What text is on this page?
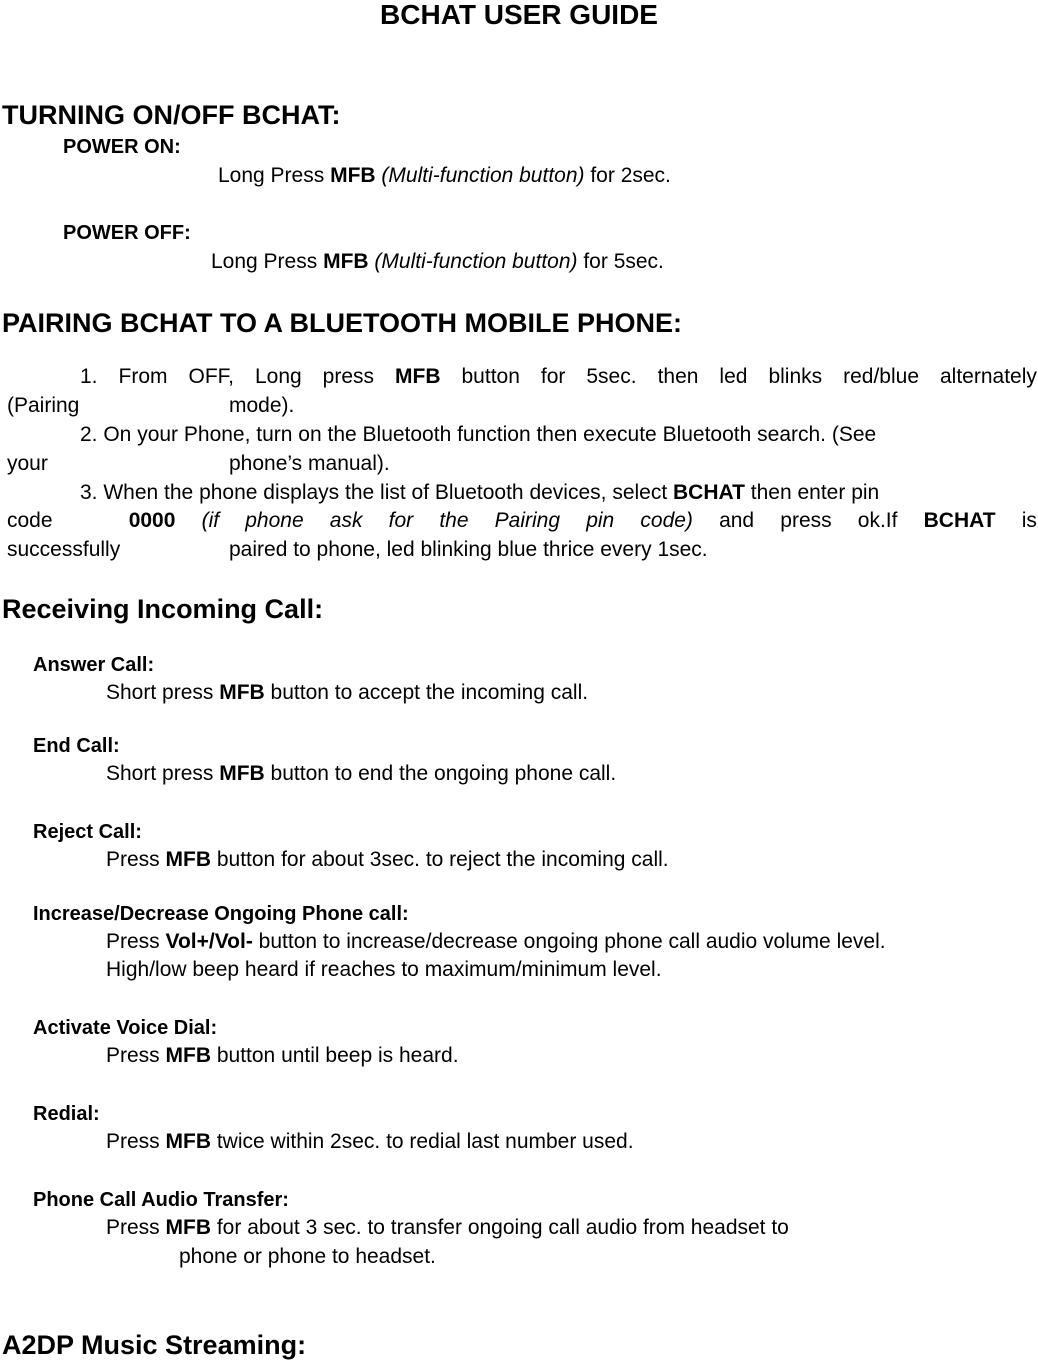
BCHAT USER GUIDE
TURNING ON/OFF BCHAT:
POWER ON:
Long Press MFB (Multi-function button) for 2sec.
POWER OFF:
Long Press MFB (Multi-function button) for 5sec.
PAIRING BCHAT TO A BLUETOOTH MOBILE PHONE:
1. From OFF, Long press MFB button for 5sec. then led blinks red/blue alternately
(Pairing	mode).
2. On your Phone, turn on the Bluetooth function then execute Bluetooth search. (See
your	phone’s manual).
3. When the phone displays the list of Bluetooth devices, select BCHAT then enter pin
code	0000 (if phone ask for the Pairing pin code) and press ok.If BCHAT is
successfully	paired to phone, led blinking blue thrice every 1sec.
Receiving Incoming Call:
Answer Call:
Short press MFB button to accept the incoming call.
End Call:
Short press MFB button to end the ongoing phone call.
Reject Call:
Press MFB button for about 3sec. to reject the incoming call.
Increase/Decrease Ongoing Phone call:
Press Vol+/Vol- button to increase/decrease ongoing phone call audio volume level.
High/low beep heard if reaches to maximum/minimum level.
Activate Voice Dial:
Press MFB button until beep is heard.
Redial:
Press MFB twice within 2sec. to redial last number used.
Phone Call Audio Transfer:
Press MFB for about 3 sec. to transfer ongoing call audio from headset to
phone or phone to headset.
A2DP Music Streaming:
